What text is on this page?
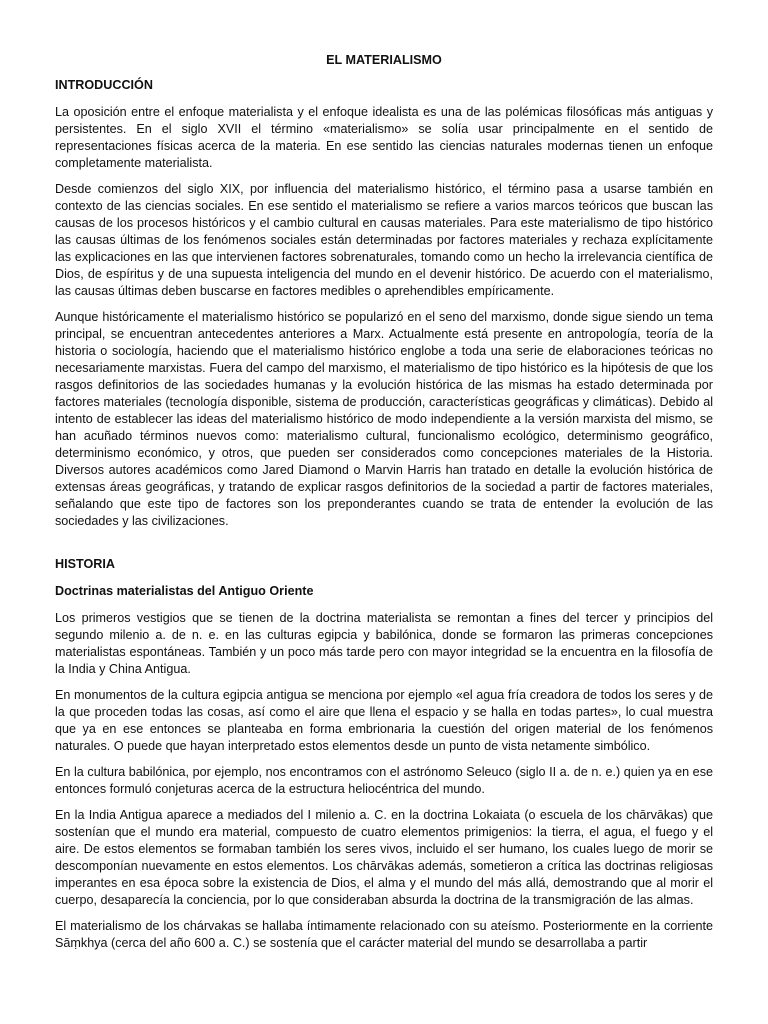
EL MATERIALISMO
INTRODUCCIÓN

La oposición entre el enfoque materialista y el enfoque idealista es una de las polémicas filosóficas más antiguas y persistentes. En el siglo XVII el término «materialismo» se solía usar principalmente en el sentido de representaciones físicas acerca de la materia. En ese sentido las ciencias naturales modernas tienen un enfoque completamente materialista.

Desde comienzos del siglo XIX, por influencia del materialismo histórico, el término pasa a usarse también en contexto de las ciencias sociales. En ese sentido el materialismo se refiere a varios marcos teóricos que buscan las causas de los procesos históricos y el cambio cultural en causas materiales. Para este materialismo de tipo histórico las causas últimas de los fenómenos sociales están determinadas por factores materiales y rechaza explícitamente las explicaciones en las que intervienen factores sobrenaturales, tomando como un hecho la irrelevancia científica de Dios, de espíritus y de una supuesta inteligencia del mundo en el devenir histórico. De acuerdo con el materialismo, las causas últimas deben buscarse en factores medibles o aprehendibles empíricamente.

Aunque históricamente el materialismo histórico se popularizó en el seno del marxismo, donde sigue siendo un tema principal, se encuentran antecedentes anteriores a Marx. Actualmente está presente en antropología, teoría de la historia o sociología, haciendo que el materialismo histórico englobe a toda una serie de elaboraciones teóricas no necesariamente marxistas. Fuera del campo del marxismo, el materialismo de tipo histórico es la hipótesis de que los rasgos definitorios de las sociedades humanas y la evolución histórica de las mismas ha estado determinada por factores materiales (tecnología disponible, sistema de producción, características geográficas y climáticas). Debido al intento de establecer las ideas del materialismo histórico de modo independiente a la versión marxista del mismo, se han acuñado términos nuevos como: materialismo cultural, funcionalismo ecológico, determinismo geográfico, determinismo económico, y otros, que pueden ser considerados como concepciones materiales de la Historia. Diversos autores académicos como Jared Diamond o Marvin Harris han tratado en detalle la evolución histórica de extensas áreas geográficas, y tratando de explicar rasgos definitorios de la sociedad a partir de factores materiales, señalando que este tipo de factores son los preponderantes cuando se trata de entender la evolución de las sociedades y las civilizaciones.

HISTORIA
Doctrinas materialistas del Antiguo Oriente

Los primeros vestigios que se tienen de la doctrina materialista se remontan a fines del tercer y principios del segundo milenio a. de n. e. en las culturas egipcia y babilónica, donde se formaron las primeras concepciones materialistas espontáneas. También y un poco más tarde pero con mayor integridad se la encuentra en la filosofía de la India y China Antigua.

En monumentos de la cultura egipcia antigua se menciona por ejemplo «el agua fría creadora de todos los seres y de la que proceden todas las cosas, así como el aire que llena el espacio y se halla en todas partes», lo cual muestra que ya en ese entonces se planteaba en forma embrionaria la cuestión del origen material de los fenómenos naturales. O puede que hayan interpretado estos elementos desde un punto de vista netamente simbólico.

En la cultura babilónica, por ejemplo, nos encontramos con el astrónomo Seleuco (siglo II a. de n. e.) quien ya en ese entonces formuló conjeturas acerca de la estructura heliocéntrica del mundo.

En la India Antigua aparece a mediados del I milenio a. C. en la doctrina Lokaiata (o escuela de los chārvākas) que sostenían que el mundo era material, compuesto de cuatro elementos primigenios: la tierra, el agua, el fuego y el aire. De estos elementos se formaban también los seres vivos, incluido el ser humano, los cuales luego de morir se descomponían nuevamente en estos elementos. Los chārvākas además, sometieron a crítica las doctrinas religiosas imperantes en esa época sobre la existencia de Dios, el alma y el mundo del más allá, demostrando que al morir el cuerpo, desaparecía la conciencia, por lo que consideraban absurda la doctrina de la transmigración de las almas.

El materialismo de los chárvakas se hallaba íntimamente relacionado con su ateísmo. Posteriormente en la corriente Sāṃkhya (cerca del año 600 a. C.) se sostenía que el carácter material del mundo se desarrollaba a partir
